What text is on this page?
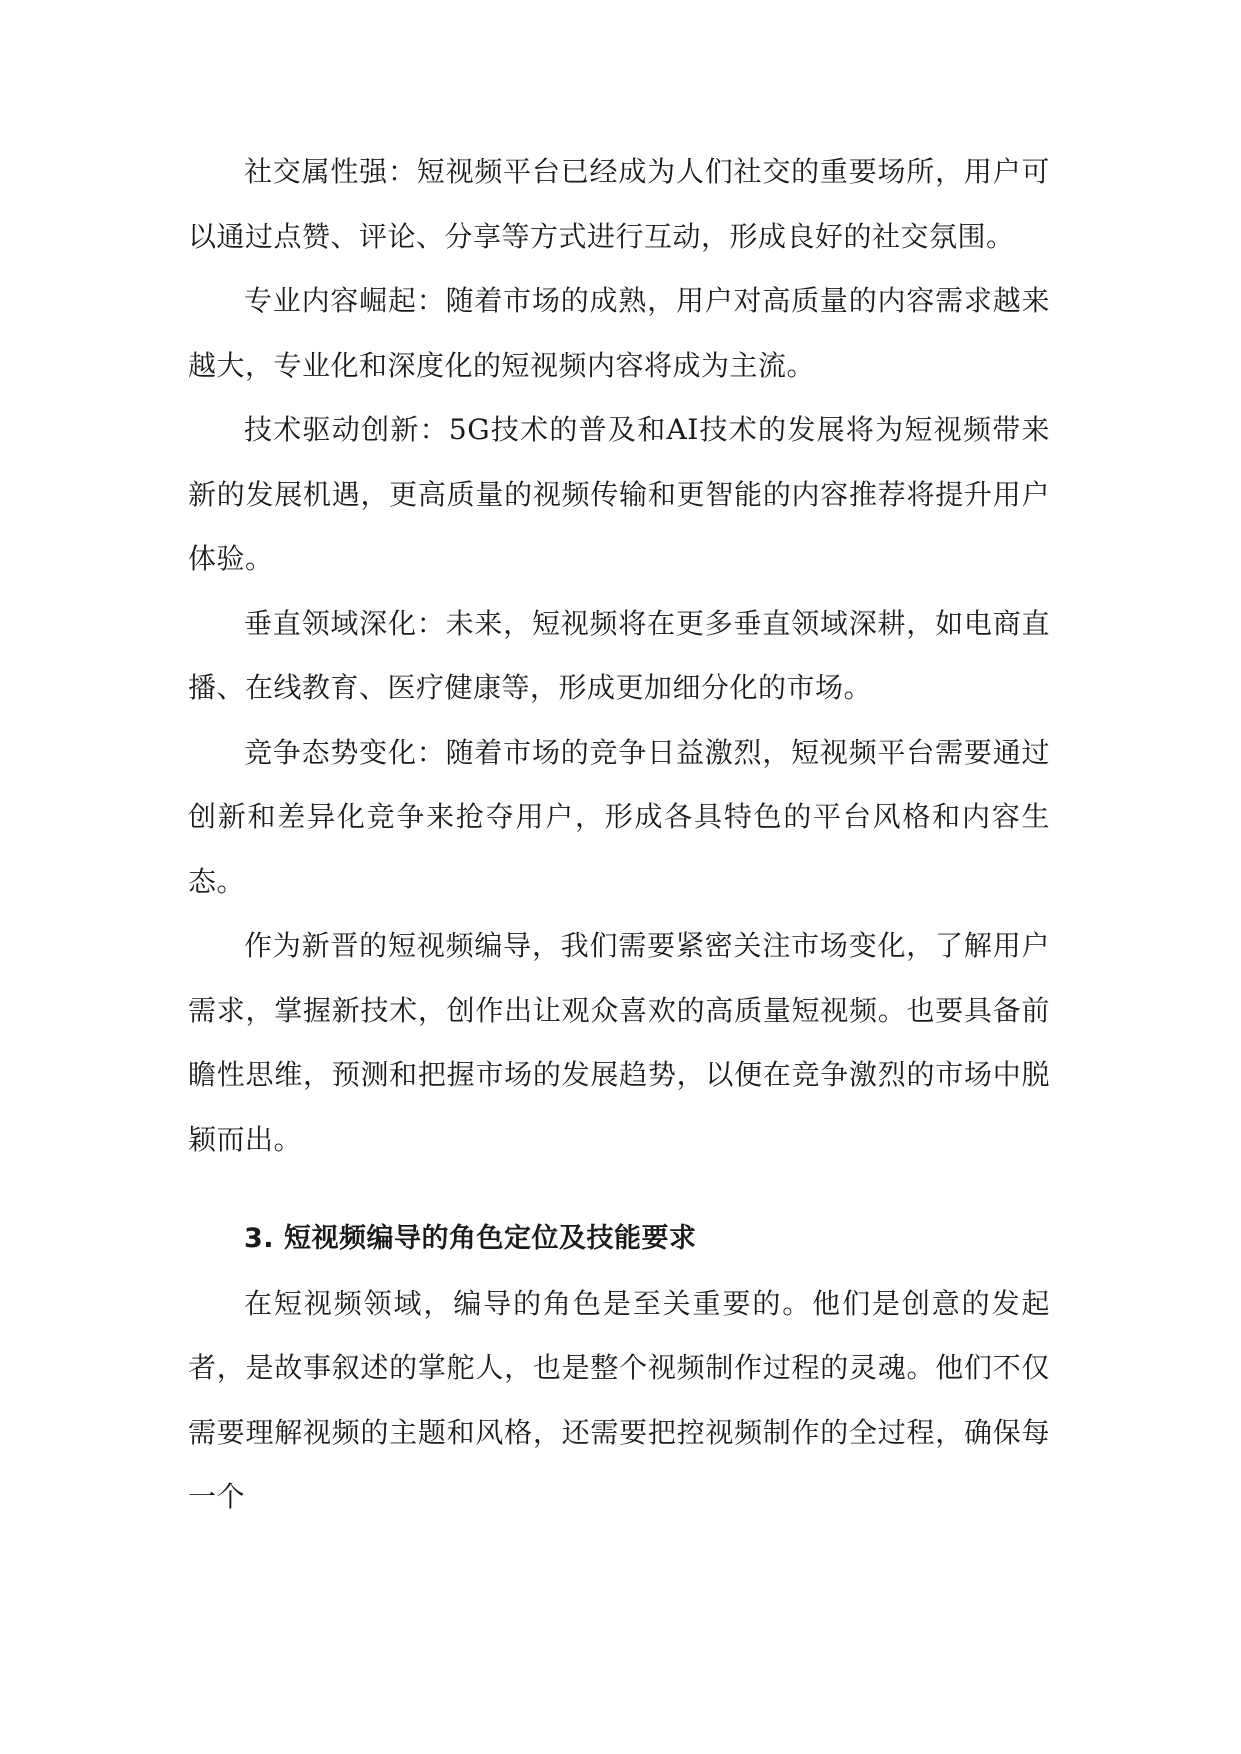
社交属性强：短视频平台已经成为人们社交的重要场所，用户可以通过点赞、评论、分享等方式进行互动，形成良好的社交氛围。

专业内容崛起：随着市场的成熟，用户对高质量的内容需求越来越大，专业化和深度化的短视频内容将成为主流。

技术驱动创新：5G技术的普及和AI技术的发展将为短视频带来新的发展机遇，更高质量的视频传输和更智能的内容推荐将提升用户体验。

垂直领域深化：未来，短视频将在更多垂直领域深耕，如电商直播、在线教育、医疗健康等，形成更加细分化的市场。

竞争态势变化：随着市场的竞争日益激烈，短视频平台需要通过创新和差异化竞争来抢夺用户，形成各具特色的平台风格和内容生态。

作为新晋的短视频编导，我们需要紧密关注市场变化，了解用户需求，掌握新技术，创作出让观众喜欢的高质量短视频。也要具备前瞻性思维，预测和把握市场的发展趋势，以便在竞争激烈的市场中脱颖而出。

3. 短视频编导的角色定位及技能要求

在短视频领域，编导的角色是至关重要的。他们是创意的发起者，是故事叙述的掌舵人，也是整个视频制作过程的灵魂。他们不仅需要理解视频的主题和风格，还需要把控视频制作的全过程，确保每一个
